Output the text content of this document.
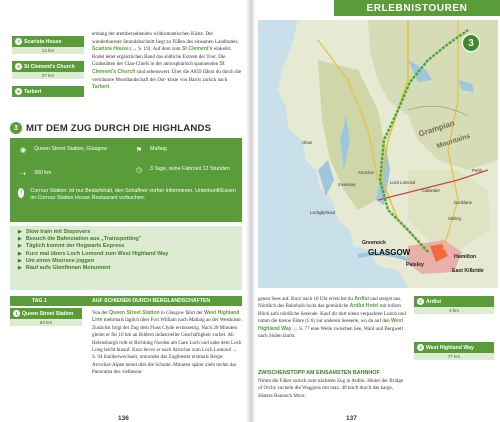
7 Scarista House
13 km
8 St Clement's Church
27 km
9 Tarbert
entlang der atemberaubenden wildromantischen Küste. Der wunderbareste Strandabschnitt liegt zu Füßen des einsamen Landhotels Scarista House (→ S. 19). Auf dem zum St Clement's einkehrt. Rodel leitet ergänzlichen Band das südliche Extrem der Tour. Die Grabstätten der Clan-Chiefs in der atmosphärisch spannenden St Clement's Church sind sehenswert. Über die A859 fährst du durch die verträumte Mondlandschaft der Ost- küste von Harris zurück nach Tarbert.
3 MIT DEM ZUG DURCH DIE HIGHLANDS
◉	Queen Street Station, Glasgow	⚑	Mallaig
➝	300 km	◷	3 Tage, reine Fahrzeit 12 Stunden
!	Corrour Station: ist nur Bedarfshalt, den Schaffner vorher informieren. Unterkunft/Essen im Corrour Station House Restaurant vorbuchen.
▶ Slow train mit Stopovers
▶ Besuch die Bahnstation aus „Trainspotting"
▶ Täglich kommt der Hogwarts Express
▶ Kurz mal übers Loch Lomond zum West Highland Way
▶ Um einen Moorsee joggen
▶ Rauf aufs Glenfinnan Monument
TAG 1	AUF SCHIENEN DURCH BERGLANDSCHAFTEN
1 Queen Street Station
63 km
Von der Queen Street Station in Glasgow fährt der West Highland Line mehrmals täglich über Fort William nach Mallaig an der Westküste. Zunächst folgt der Zug dem Fluss Clyde rechtsseitig. Nach 20 Minuten gleitet er für 10 km an Bildern industrieller Geschäftigkeit vorbei. Ab Helensburgh rollt er Richtung Norden am Gare Loch und nahe dem Loch Long leicht hinauf. Kurz bevor er nach Arrochar zum Loch Lomond → S. 94 hinüberwechselt, umrundet das Zugfenster erstmals Berge: Arrochar-Alpen nennt dies die Schotte. Minuten später zieht rechts das Panorama des vielbesun-
136
ERLEBNISTOUREN
3
GLASGOW
Greenock
Paisley
Hamilton
East Kilbride
Grampian
Mountains
Loch Lomond
Arrochar
Oban
Inveraray
Lochgilphead
Perth
Dunblane
Stirling
Callander
genen Sees auf. Kurz nach 10 Uhr erreichst du Ardlui und steigst aus. Nördlich des Bahnhofs lockt das gemütliche Ardlui Hotel mit tollem Blick aufs nördliche Seeende. Kauf dir dort einen verpackten Lunch und nimm die kleine Fähre (£ 6) zur anderen Seeseite, wo du auf den West Highland Way → S. 77 eine Weile zwischen See, Wald und Bergwelt nach Süden läufst.
ZWISCHENSTOPP AM EINSAMSTEN BAHNHOF
Nimm die Fähre zurück zum nächsten Zug in Ardlui. Hinter der Bridge of Orchy zuckeln die Waggons mit max. 48 km/h durch das karge, düstere Rannoch Moor.
2 Ardlui
3 km
3 West Highland Way
77 km
137
